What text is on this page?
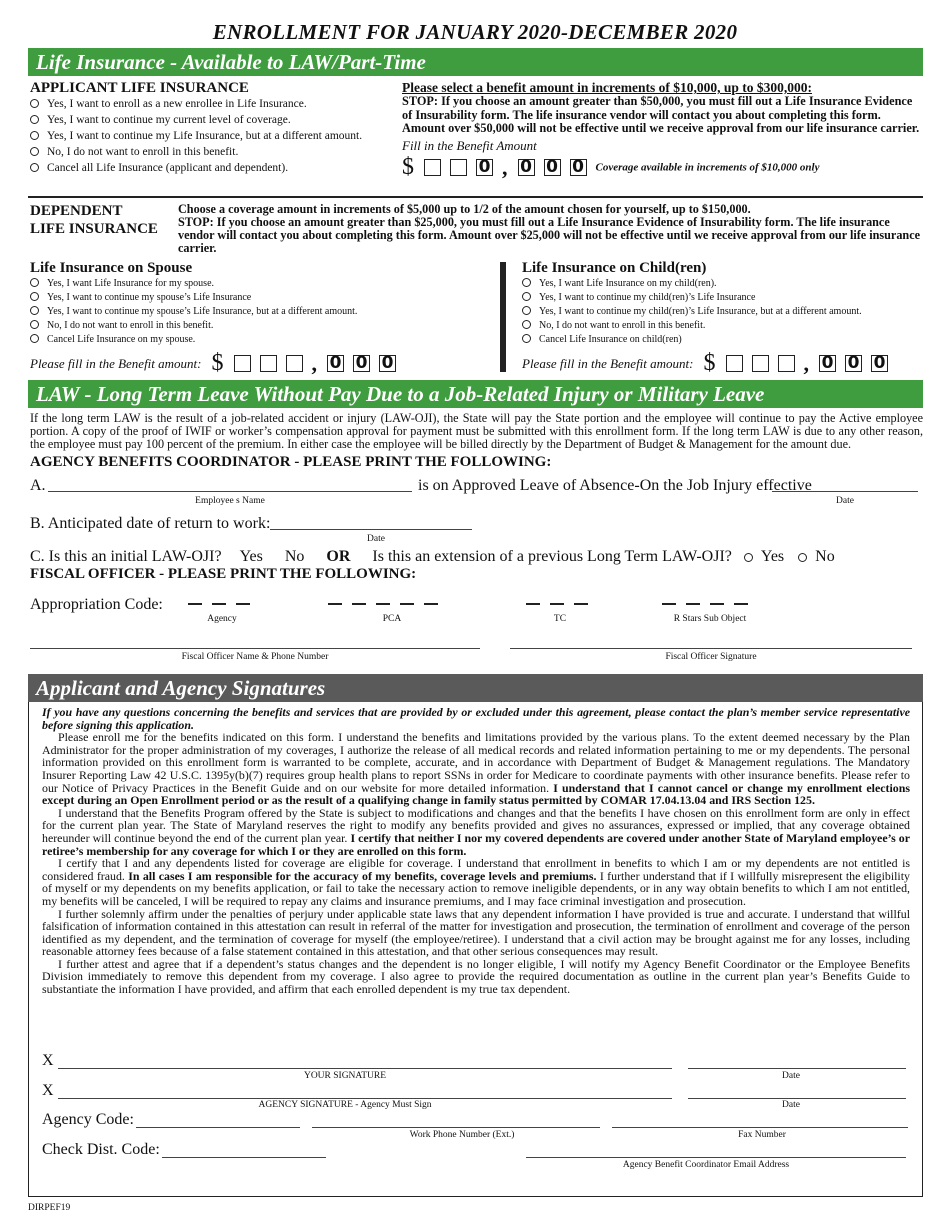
ENROLLMENT FOR JANUARY 2020-DECEMBER 2020
Life Insurance - Available to LAW/Part-Time
APPLICANT LIFE INSURANCE
Yes, I want to enroll as a new enrollee in Life Insurance.
Yes, I want to continue my current level of coverage.
Yes, I want to continue my Life Insurance, but at a different amount.
No, I do not want to enroll in this benefit.
Cancel all Life Insurance (applicant and dependent).
Please select a benefit amount in increments of $10,000, up to $300,000:
STOP: If you choose an amount greater than $50,000, you must fill out a Life Insurance Evidence of Insurability form. The life insurance vendor will contact you about completing this form. Amount over $50,000 will not be effective until we receive approval from our life insurance carrier.
Fill in the Benefit Amount
$	0 , 0 0 0 Coverage available in increments of $10,000 only
DEPENDENT
LIFE INSURANCE
Choose a coverage amount in increments of $5,000 up to 1/2 of the amount chosen for yourself, up to $150,000.
STOP: If you choose an amount greater than $25,000, you must fill out a Life Insurance Evidence of Insurability form. The life insurance vendor will contact you about completing this form. Amount over $25,000 will not be effective until we receive approval from our life insurance carrier.
Life Insurance on Spouse
Yes, I want Life Insurance for my spouse.
Yes, I want to continue my spouse’s Life Insurance
Yes, I want to continue my spouse’s Life Insurance, but at a different amount.
No, I do not want to enroll in this benefit.
Cancel Life Insurance on my spouse.
Please fill in the Benefit amount: $	, 0 0 0
Life Insurance on Child(ren)
Yes, I want Life Insurance on my child(ren).
Yes, I want to continue my child(ren)’s Life Insurance
Yes, I want to continue my child(ren)’s Life Insurance, but at a different amount.
No, I do not want to enroll in this benefit.
Cancel Life Insurance on child(ren)
Please fill in the Benefit amount: $	, 0 0 0
LAW - Long Term Leave Without Pay Due to a Job-Related Injury or Military Leave
If the long term LAW is the result of a job-related accident or injury (LAW-OJI), the State will pay the State portion and the employee will continue to pay the Active employee portion. A copy of the proof of IWIF or worker’s compensation approval for payment must be submitted with this enrollment form. If the long term LAW is due to any other reason, the employee must pay 100 percent of the premium. In either case the employee will be billed directly by the Department of Budget & Management for the amount due.
AGENCY BENEFITS COORDINATOR - PLEASE PRINT THE FOLLOWING:
A.
Employee s Name
is on Approved Leave of Absence-On the Job Injury effective
Date
B. Anticipated date of return to work:
Date
C. Is this an initial LAW-OJI? Yes No OR Is this an extension of a previous Long Term LAW-OJI? Yes No
FISCAL OFFICER - PLEASE PRINT THE FOLLOWING:
Appropriation Code:
Agency	PCA	TC	R Stars Sub Object
Fiscal Officer Name & Phone Number	Fiscal Officer Signature
Applicant and Agency Signatures
If you have any questions concerning the benefits and services that are provided by or excluded under this agreement, please contact the plan’s member service representative before signing this application.
Please enroll me for the benefits indicated on this form. I understand the benefits and limitations provided by the various plans. To the extent deemed necessary by the Plan Administrator for the proper administration of my coverages, I authorize the release of all medical records and related information pertaining to me or my dependents. The personal information provided on this enrollment form is warranted to be complete, accurate, and in accordance with Department of Budget & Management regulations. The Mandatory Insurer Reporting Law 42 U.S.C. 1395y(b)(7) requires group health plans to report SSNs in order for Medicare to coordinate payments with other insurance benefits. Please refer to our Notice of Privacy Practices in the Benefit Guide and on our website for more detailed information. I understand that I cannot cancel or change my enrollment elections except during an Open Enrollment period or as the result of a qualifying change in family status permitted by COMAR 17.04.13.04 and IRS Section 125.
I understand that the Benefits Program offered by the State is subject to modifications and changes and that the benefits I have chosen on this enrollment form are only in effect for the current plan year. The State of Maryland reserves the right to modify any benefits provided and gives no assurances, expressed or implied, that any coverage obtained hereunder will continue beyond the end of the current plan year. I certify that neither I nor my covered dependents are covered under another State of Maryland employee’s or retiree’s membership for any coverage for which I or they are enrolled on this form.
I certify that I and any dependents listed for coverage are eligible for coverage. I understand that enrollment in benefits to which I am or my dependents are not entitled is considered fraud. In all cases I am responsible for the accuracy of my benefits, coverage levels and premiums. I further understand that if I willfully misrepresent the eligibility of myself or my dependents on my benefits application, or fail to take the necessary action to remove ineligible dependents, or in any way obtain benefits to which I am not entitled, my benefits will be canceled, I will be required to repay any claims and insurance premiums, and I may face criminal investigation and prosecution.
I further solemnly affirm under the penalties of perjury under applicable state laws that any dependent information I have provided is true and accurate. I understand that willful falsification of information contained in this attestation can result in referral of the matter for investigation and prosecution, the termination of enrollment and coverage of the person identified as my dependent, and the termination of coverage for myself (the employee/retiree). I understand that a civil action may be brought against me for any losses, including reasonable attorney fees because of a false statement contained in this attestation, and that other serious consequences may result.
I further attest and agree that if a dependent’s status changes and the dependent is no longer eligible, I will notify my Agency Benefit Coordinator or the Employee Benefits Division immediately to remove this dependent from my coverage. I also agree to provide the required documentation as outline in the current plan year’s Benefits Guide to substantiate the information I have provided, and affirm that each enrolled dependent is my true tax dependent.
X
YOUR SIGNATURE	Date
X
AGENCY SIGNATURE - Agency Must Sign	Date
Agency Code:
Work Phone Number (Ext.)	Fax Number
Check Dist. Code:
Agency Benefit Coordinator Email Address
DIRPEF19
